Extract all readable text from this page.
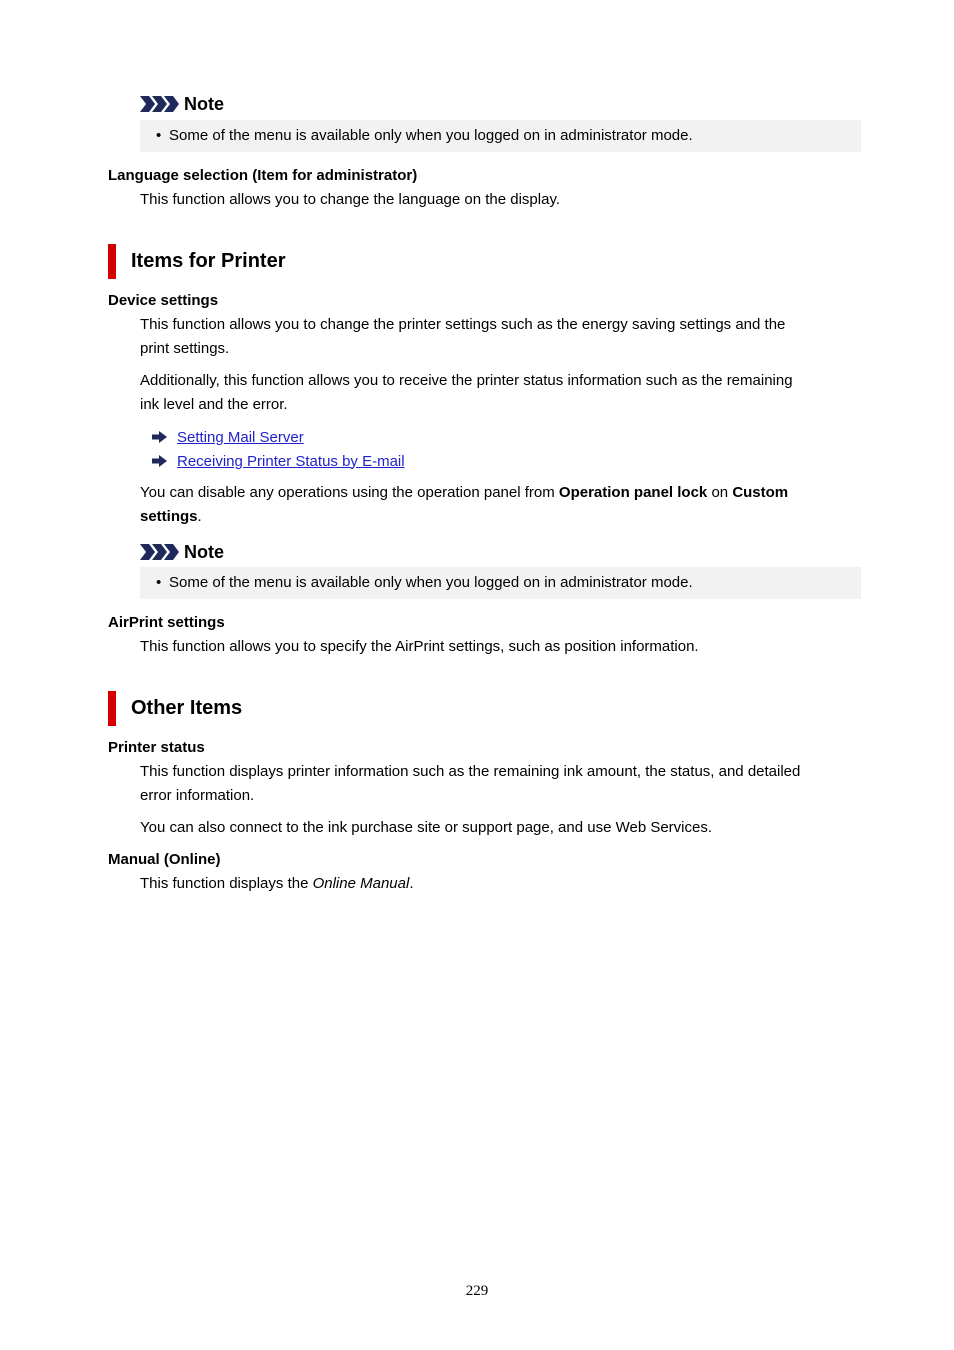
Note
• Some of the menu is available only when you logged on in administrator mode.
Language selection (Item for administrator)
This function allows you to change the language on the display.
Items for Printer
Device settings
This function allows you to change the printer settings such as the energy saving settings and the
print settings.
Additionally, this function allows you to receive the printer status information such as the remaining
ink level and the error.
Setting Mail Server
Receiving Printer Status by E-mail
You can disable any operations using the operation panel from Operation panel lock on Custom
settings.
Note
• Some of the menu is available only when you logged on in administrator mode.
AirPrint settings
This function allows you to specify the AirPrint settings, such as position information.
Other Items
Printer status
This function displays printer information such as the remaining ink amount, the status, and detailed
error information.
You can also connect to the ink purchase site or support page, and use Web Services.
Manual (Online)
This function displays the Online Manual.
229
